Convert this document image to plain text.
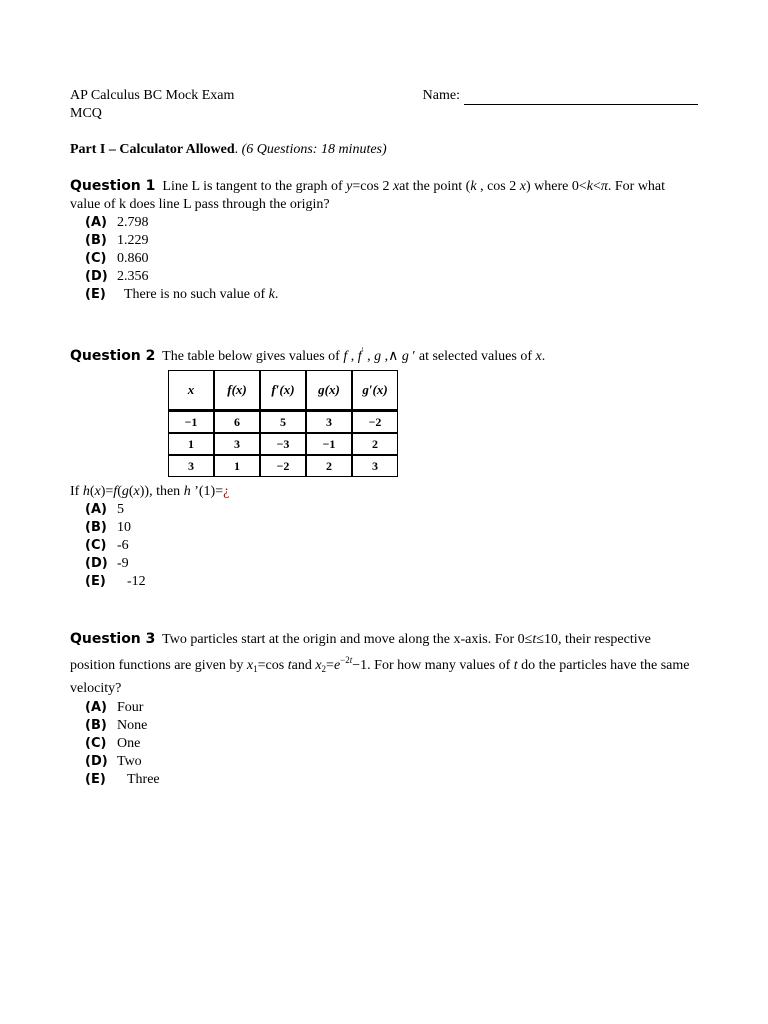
AP Calculus BC Mock Exam	Name:
MCQ
Part I – Calculator Allowed. (6 Questions: 18 minutes)
Question 1  Line L is tangent to the graph of y=cos 2 xat the point (k , cos 2 x) where 0<k<π. For what value of k does line L pass through the origin?
(A) 2.798
(B) 1.229
(C) 0.860
(D) 2.356
(E)	There is no such value of k.
Question 2  The table below gives values of f , f′ , g ,∧ g ′ at selected values of x.
x	f(x)	f′(x)	g(x)	g′(x)
−1	6	5	3	−2
1	3	−3	−1	2
3	1	−2	2	3
If h(x)=f(g(x)), then h ’(1)=¿
(A) 5
(B) 10
(C) -6
(D) -9
(E)	-12
Question 3  Two particles start at the origin and move along the x-axis. For 0≤t≤10, their respective position functions are given by $x_1=\cos$ tand $x_2=e^{-2t}-1$. For how many values of t do the particles have the same velocity?
(A) Four
(B) None
(C) One
(D) Two
(E)	Three
